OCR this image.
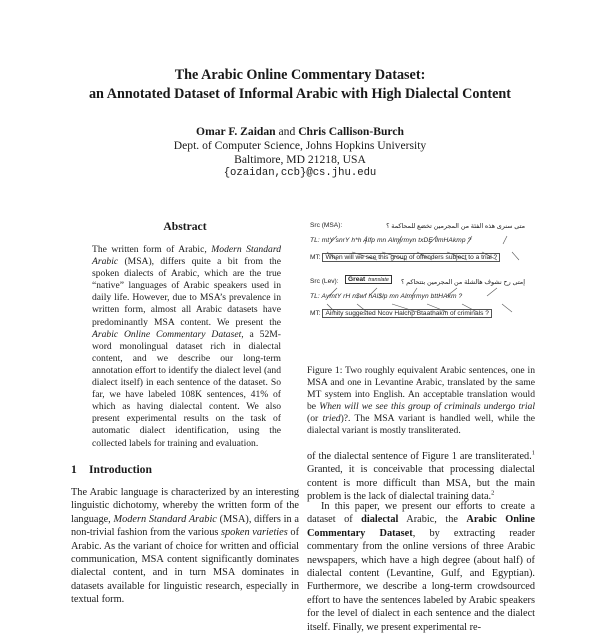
The Arabic Online Commentary Dataset:
an Annotated Dataset of Informal Arabic with High Dialectal Content
Omar F. Zaidan and Chris Callison-Burch
Dept. of Computer Science, Johns Hopkins University
Baltimore, MD 21218, USA
{ozaidan,ccb}@cs.jhu.edu
Abstract
The written form of Arabic, Modern Standard Arabic (MSA), differs quite a bit from the spoken dialects of Arabic, which are the true “native” languages of Arabic speakers used in daily life. However, due to MSA’s prevalence in written form, almost all Arabic datasets have predominantly MSA content. We present the Arabic Online Commentary Dataset, a 52M-word monolingual dataset rich in dialectal content, and we describe our long-term annotation effort to identify the dialect level (and dialect itself) in each sentence of the dataset. So far, we have labeled 108K sentences, 41% of which as having dialectal content. We also present experimental results on the task of automatic dialect identification, using the collected labels for training and evaluation.
1 Introduction
The Arabic language is characterized by an interesting linguistic dichotomy, whereby the written form of the language, Modern Standard Arabic (MSA), differs in a non-trivial fashion from the various spoken varieties of Arabic. As the variant of choice for written and official communication, MSA content significantly dominates dialectal content, and in turn MSA dominates in datasets available for linguistic research, especially in textual form.
Src (MSA):	متى سنرى هذه الفئة من المجرمين تخضع للمحاكمة ؟
TL: mtY snrY h*h Alfp mn Almjrmyn txDE llmHAkmp ?
MT: When will we see this group of offenders subject to a trial ?
Src (Lev):	إمتى رح نشوف هالشلة من المجرمين بتتحاكم ؟
Great translate
TL: AymtY rH n$wf hAl$lp mn Almjrmyn bttHAkm ?
MT: Aimity suggested Ncov Halchp Btaathakm of criminals ?
Figure 1: Two roughly equivalent Arabic sentences, one in MSA and one in Levantine Arabic, translated by the same MT system into English. An acceptable translation would be When will we see this group of criminals undergo trial (or tried)?. The MSA variant is handled well, while the dialectal variant is mostly transliterated.
of the dialectal sentence of Figure 1 are transliterated.$^1$ Granted, it is conceivable that processing dialectal content is more difficult than MSA, but the main problem is the lack of dialectal training data.$^2$
In this paper, we present our efforts to create a dataset of dialectal Arabic, the Arabic Online Commentary Dataset, by extracting reader commentary from the online versions of three Arabic newspapers, which have a high degree (about half) of dialectal content (Levantine, Gulf, and Egyptian). Furthermore, we describe a long-term crowdsourced effort to have the sentences labeled by Arabic speakers for the level of dialect in each sentence and the dialect itself. Finally, we present experimental re-
